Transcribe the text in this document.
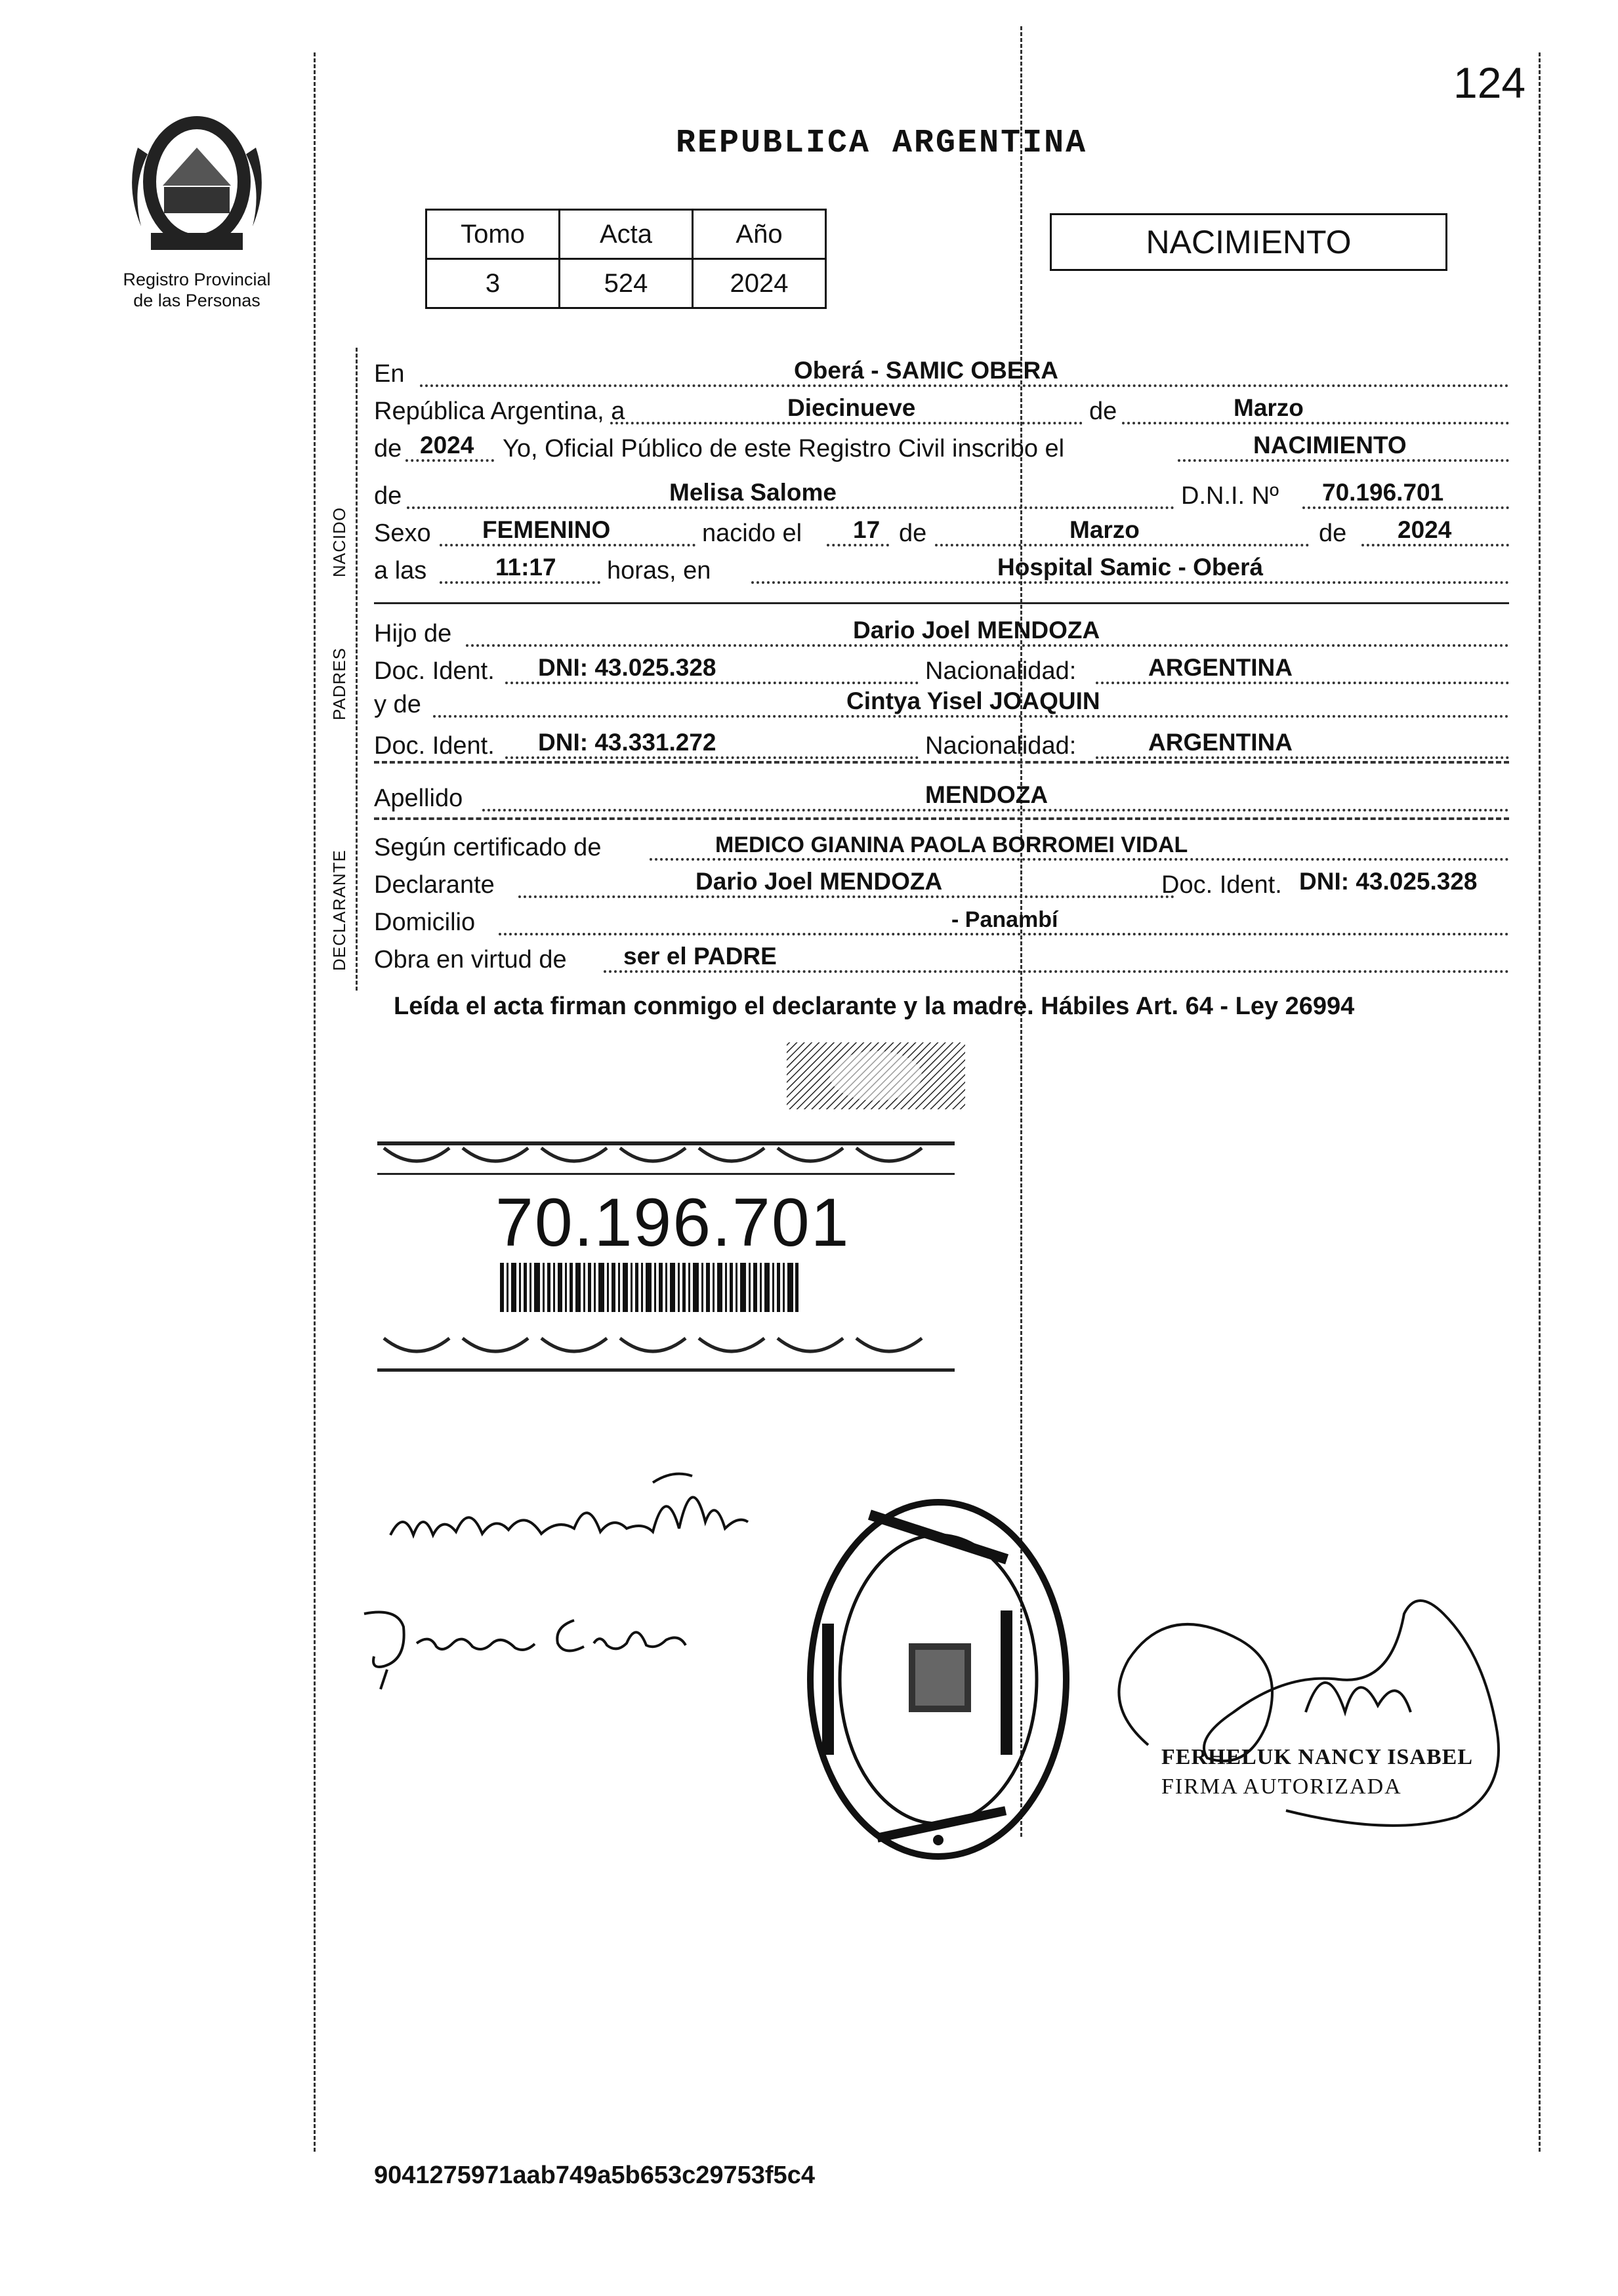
124
REPUBLICA ARGENTINA
Registro Provincial
de las Personas
Tomo	Acta	Año
3	524	2024
NACIMIENTO
NACIDO
PADRES
DECLARANTE
En	Oberá - SAMIC OBERA
República Argentina, a	Diecinueve	de	Marzo
de 2024 Yo, Oficial Público de este Registro Civil inscribo el	NACIMIENTO
de	Melisa Salome	D.N.I. Nº 70.196.701
Sexo FEMENINO	nacido el 17 de	Marzo	de 2024
a las	11:17 horas, en	Hospital Samic - Oberá
Hijo de	Dario Joel MENDOZA
Doc. Ident. DNI: 43.025.328	Nacionalidad:	ARGENTINA
y de	Cintya Yisel JOAQUIN
Doc. Ident. DNI: 43.331.272	Nacionalidad:	ARGENTINA
Apellido	MENDOZA
Según certificado de	MEDICO GIANINA PAOLA BORROMEI VIDAL
Declarante	Dario Joel MENDOZA	Doc. Ident. DNI: 43.025.328
Domicilio	- Panambí
Obra en virtud de ser el PADRE
Leída el acta firman conmigo el declarante y la madre. Hábiles Art. 64 - Ley 26994
70.196.701
FERHELUK NANCY ISABEL
FIRMA AUTORIZADA
9041275971aab749a5b653c29753f5c4
